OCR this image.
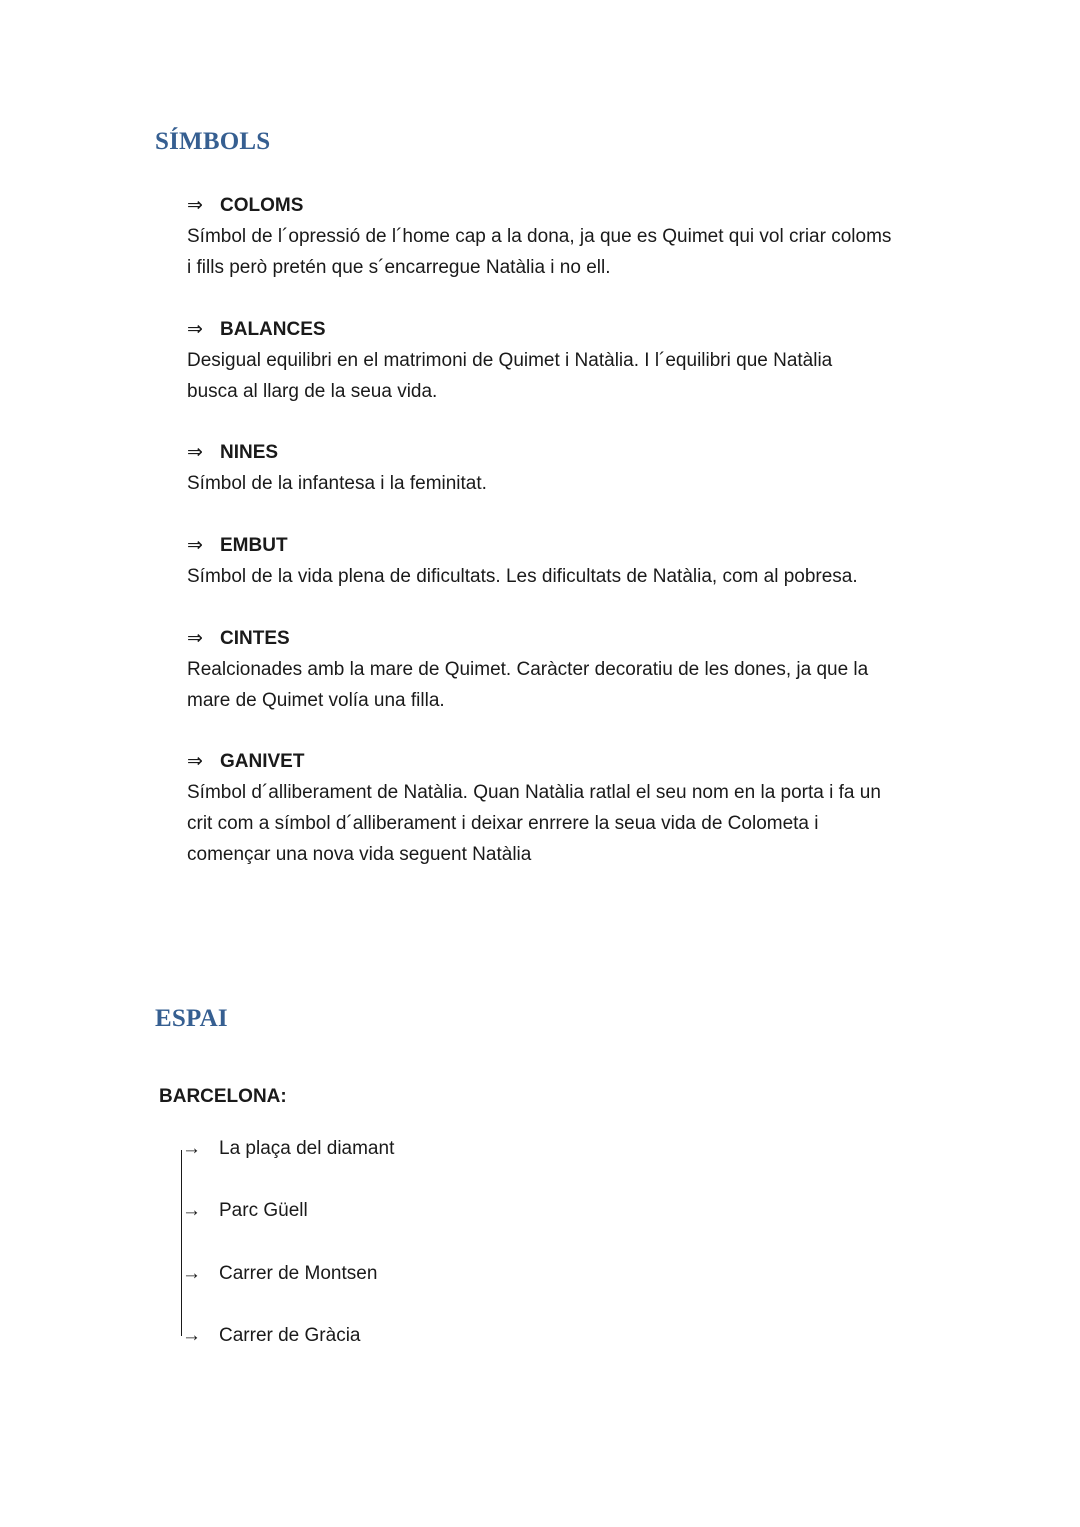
SÍMBOLS
⇒ COLOMS

Símbol de l´opressió de l´home cap a la dona, ja que es Quimet qui vol criar coloms

i fills però pretén que s´encarregue Natàlia i no ell.

⇒ BALANCES

Desigual equilibri en el matrimoni de Quimet i Natàlia. I l´equilibri que Natàlia

busca al llarg de la seua vida.

⇒ NINES

Símbol de la infantesa i la feminitat.

⇒ EMBUT

Símbol de la vida plena de dificultats. Les dificultats de Natàlia, com al pobresa.

⇒ CINTES

Realcionades amb la mare de Quimet. Caràcter decoratiu de les dones, ja que la

mare de Quimet volía una filla.

⇒ GANIVET

Símbol d´alliberament de Natàlia. Quan Natàlia ratlal el seu nom en la porta i fa un

crit com a símbol d´alliberament i deixar enrrere la seua vida de Colometa i

començar una nova vida seguent Natàlia

ESPAI

BARCELONA:

→ La plaça del diamant
→ Parc Güell
→ Carrer de Montsen
→ Carrer de Gràcia
